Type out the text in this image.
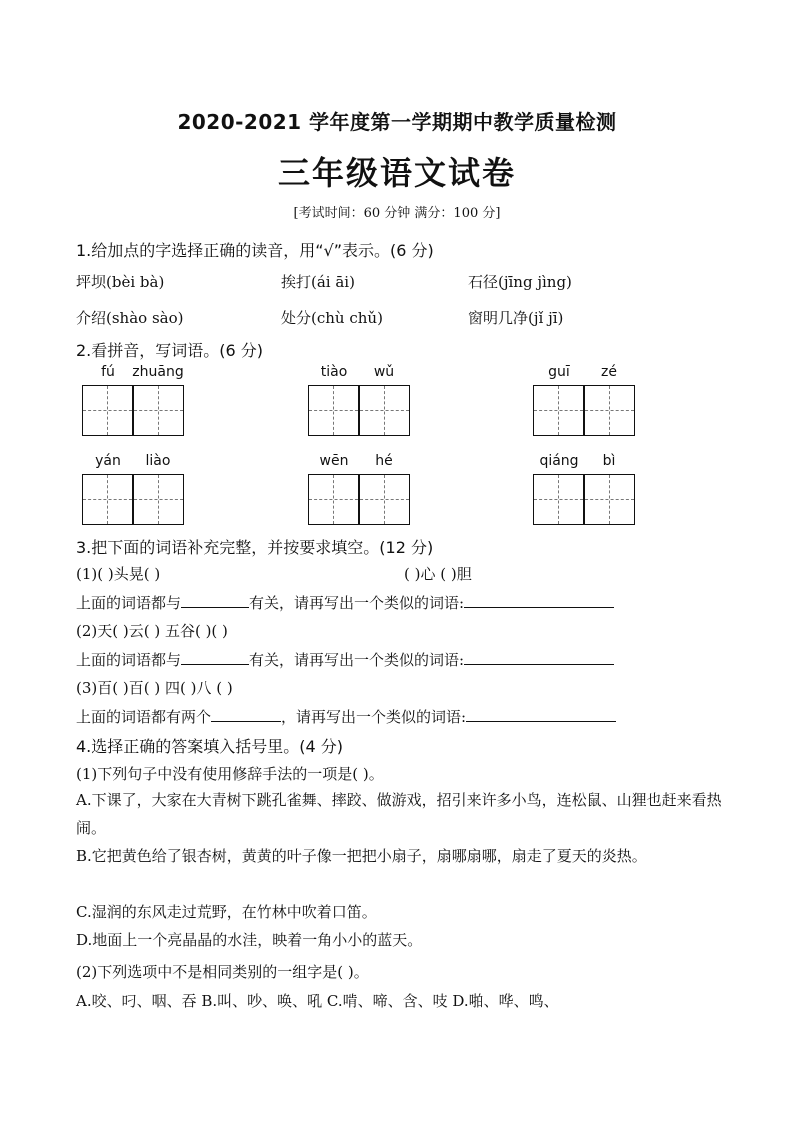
2020-2021 学年度第一学期期中教学质量检测
三年级语文试卷
[考试时间：60 分钟 满分：100 分]
1.给加点的字选择正确的读音，用“√”表示。(6 分)
坪坝(bèi bà)	挨打(ái āi)	石径(jīng jìng)
介绍(shào sào)	处分(chù chǔ)	窗明几净(jǐ jī)
2.看拼音，写词语。(6 分)
fú	zhuāng	tiào	wǔ	guī	zé
yán	liào	wēn	hé	qiáng	bì
3.把下面的词语补充完整，并按要求填空。(12 分)
(1)( )头晃( )	( )心 ( )胆
上面的词语都与	有关，请再写出一个类似的词语:
(2)天( )云( ) 五谷( )( )
上面的词语都与	有关，请再写出一个类似的词语:
(3)百( )百( ) 四( )八 ( )
上面的词语都有两个	，请再写出一个类似的词语:
4.选择正确的答案填入括号里。(4 分)
(1)下列句子中没有使用修辞手法的一项是( )。
A.下课了，大家在大青树下跳孔雀舞、摔跤、做游戏，招引来许多小鸟，连松鼠、山狸也赶来看热闹。
B.它把黄色给了银杏树，黄黄的叶子像一把把小扇子，扇哪扇哪，扇走了夏天的炎热。
C.湿润的东风走过荒野，在竹林中吹着口笛。
D.地面上一个亮晶晶的水洼，映着一角小小的蓝天。
(2)下列选项中不是相同类别的一组字是( )。
A.咬、叼、咽、吞 B.叫、吵、唤、吼 C.啃、啼、含、吱 D.啪、哗、鸣、
